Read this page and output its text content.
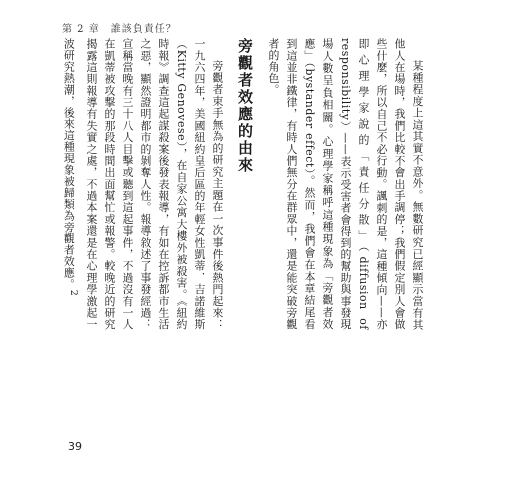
第 2 章　誰該負責任？

某種程度上這其實不意外。無數研究已經顯示當有其他人在場時，我們比較不會出手調停；我們假定別人會做些什麼，所以自己不必行動。諷刺的是，這種傾向——亦即心理學家說的「責任分散」（diffusion of responsibility）——表示受害者會得到的幫助與事發現場人數呈負相關。心理學家稱呼這種現象為「旁觀者效應」（bystander effect）。然而，我們會在本章結尾看到這並非鐵律，有時人們無分在群眾中，還是能突破旁觀者的角色。

旁觀者效應的由來

旁觀者束手無為的研究主題在一次事件後熱門起來：一九六四年，美國紐約皇后區的年輕女性凱蒂．吉諾維斯（Kitty Genovese），在自家公寓大樓外被殺害。《紐約時報》調查這起謀殺案後發表報導，有如在控訴都市生活之惡，顯然證明都市的剝奪人性。報導敘述了事發經過：宣稱當晚有三十八人目擊或聽到這起事件，不過沒有一人在凱蒂被攻擊的那段時間出面幫忙或報警。較晚近的研究揭露這則報導有失實之處，不過本案還是在心理學激起一波研究熱潮，後來這種現象被歸類為旁觀者效應。$^2$

39
